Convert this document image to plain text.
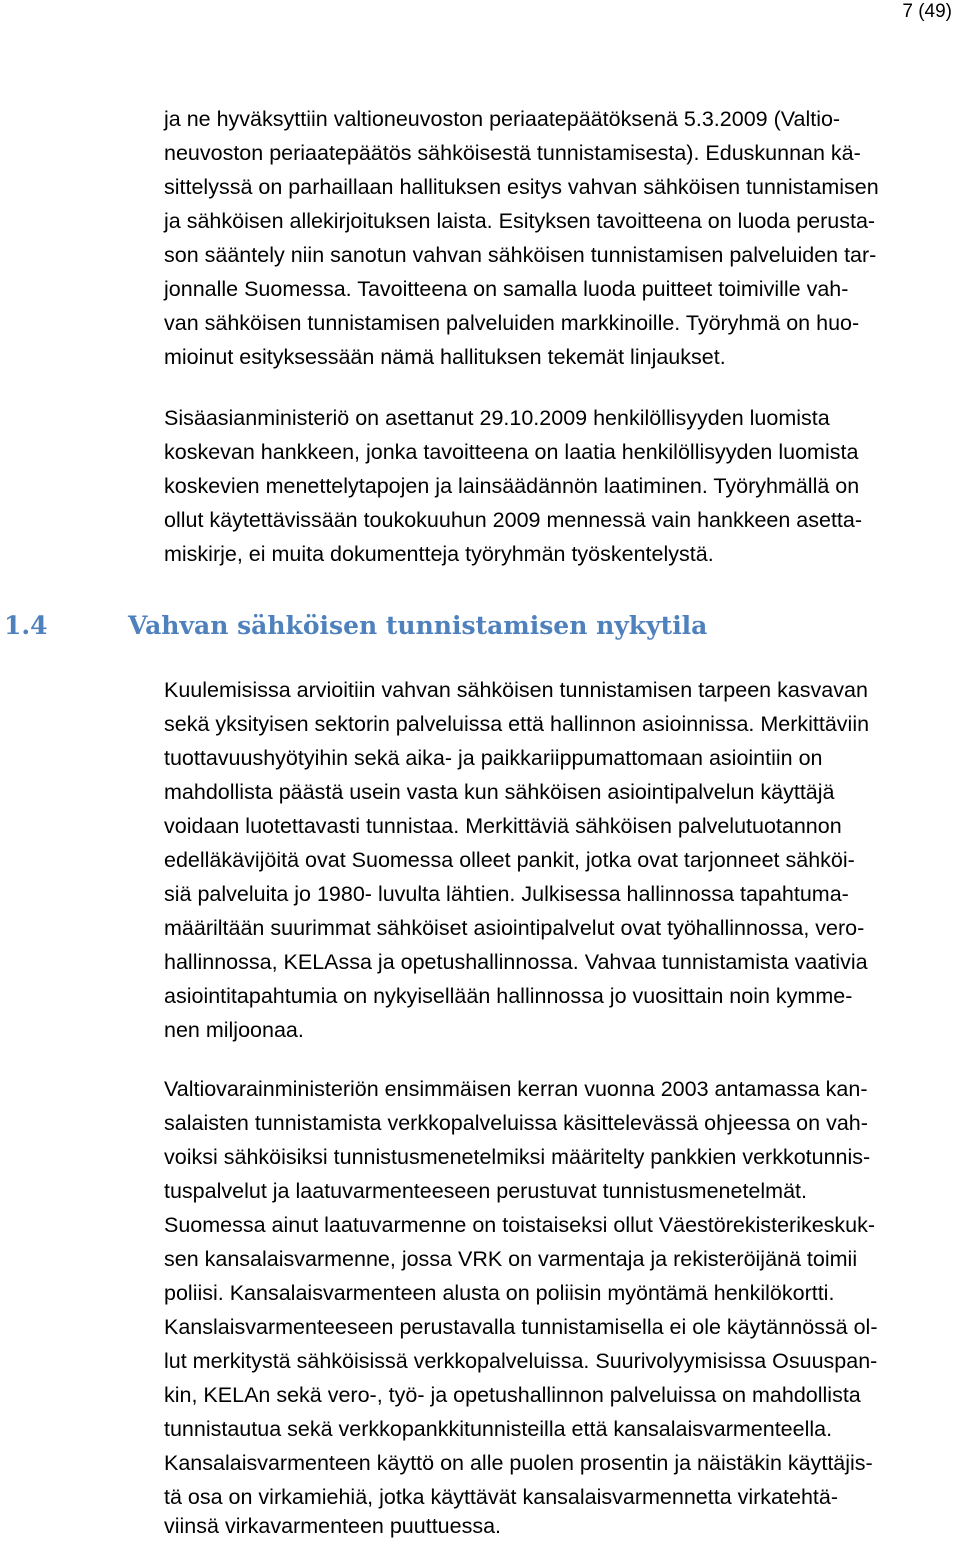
7 (49)
ja ne hyväksyttiin valtioneuvoston periaatepäätöksenä 5.3.2009 (Valtio-
neuvoston periaatepäätös sähköisestä tunnistamisesta). Eduskunnan kä-
sittelyssä on parhaillaan hallituksen esitys vahvan sähköisen tunnistamisen
ja sähköisen allekirjoituksen laista. Esityksen tavoitteena on luoda perusta-
son sääntely niin sanotun vahvan sähköisen tunnistamisen palveluiden tar-
jonnalle Suomessa. Tavoitteena on samalla luoda puitteet toimiville vah-
van sähköisen tunnistamisen palveluiden markkinoille. Työryhmä on huo-
mioinut esityksessään nämä hallituksen tekemät linjaukset.
Sisäasianministeriö on asettanut 29.10.2009 henkilöllisyyden luomista
koskevan hankkeen, jonka tavoitteena on laatia henkilöllisyyden luomista
koskevien menettelytapojen ja lainsäädännön laatiminen. Työryhmällä on
ollut käytettävissään toukokuuhun 2009 mennessä vain hankkeen asetta-
miskirje, ei muita dokumentteja työryhmän työskentelystä.
1.4	Vahvan sähköisen tunnistamisen nykytila
Kuulemisissa arvioitiin vahvan sähköisen tunnistamisen tarpeen kasvavan
sekä yksityisen sektorin palveluissa että hallinnon asioinnissa. Merkittäviin
tuottavuushyötyihin sekä aika- ja paikkariippumattomaan asiointiin on
mahdollista päästä usein vasta kun sähköisen asiointipalvelun käyttäjä
voidaan luotettavasti tunnistaa. Merkittäviä sähköisen palvelutuotannon
edelläkävijöitä ovat Suomessa olleet pankit, jotka ovat tarjonneet sähköi-
siä palveluita jo 1980- luvulta lähtien. Julkisessa hallinnossa tapahtuma-
määriltään suurimmat sähköiset asiointipalvelut ovat työhallinnossa, vero-
hallinnossa, KELAssa ja opetushallinnossa. Vahvaa tunnistamista vaativia
asiointitapahtumia on nykyisellään hallinnossa jo vuosittain noin kymme-
nen miljoonaa.
Valtiovarainministeriön ensimmäisen kerran vuonna 2003 antamassa kan-
salaisten tunnistamista verkkopalveluissa käsittelevässä ohjeessa on vah-
voiksi sähköisiksi tunnistusmenetelmiksi määritelty pankkien verkkotunnis-
tuspalvelut ja laatuvarmenteeseen perustuvat tunnistusmenetelmät.
Suomessa ainut laatuvarmenne on toistaiseksi ollut Väestörekisterikeskuk-
sen kansalaisvarmenne, jossa VRK on varmentaja ja rekisteröijänä toimii
poliisi. Kansalaisvarmenteen alusta on poliisin myöntämä henkilökortti.
Kanslaisvarmenteeseen perustavalla tunnistamisella ei ole käytännössä ol-
lut merkitystä sähköisissä verkkopalveluissa. Suurivolyymisissa Osuuspan-
kin, KELAn sekä vero-, työ- ja opetushallinnon palveluissa on mahdollista
tunnistautua sekä verkkopankkitunnisteilla että kansalaisvarmenteella.
Kansalaisvarmenteen käyttö on alle puolen prosentin ja näistäkin käyttäjis-
tä osa on virkamiehiä, jotka käyttävät kansalaisvarmennetta virkatehtä-
viinsä virkavarmenteen puuttuessa.
